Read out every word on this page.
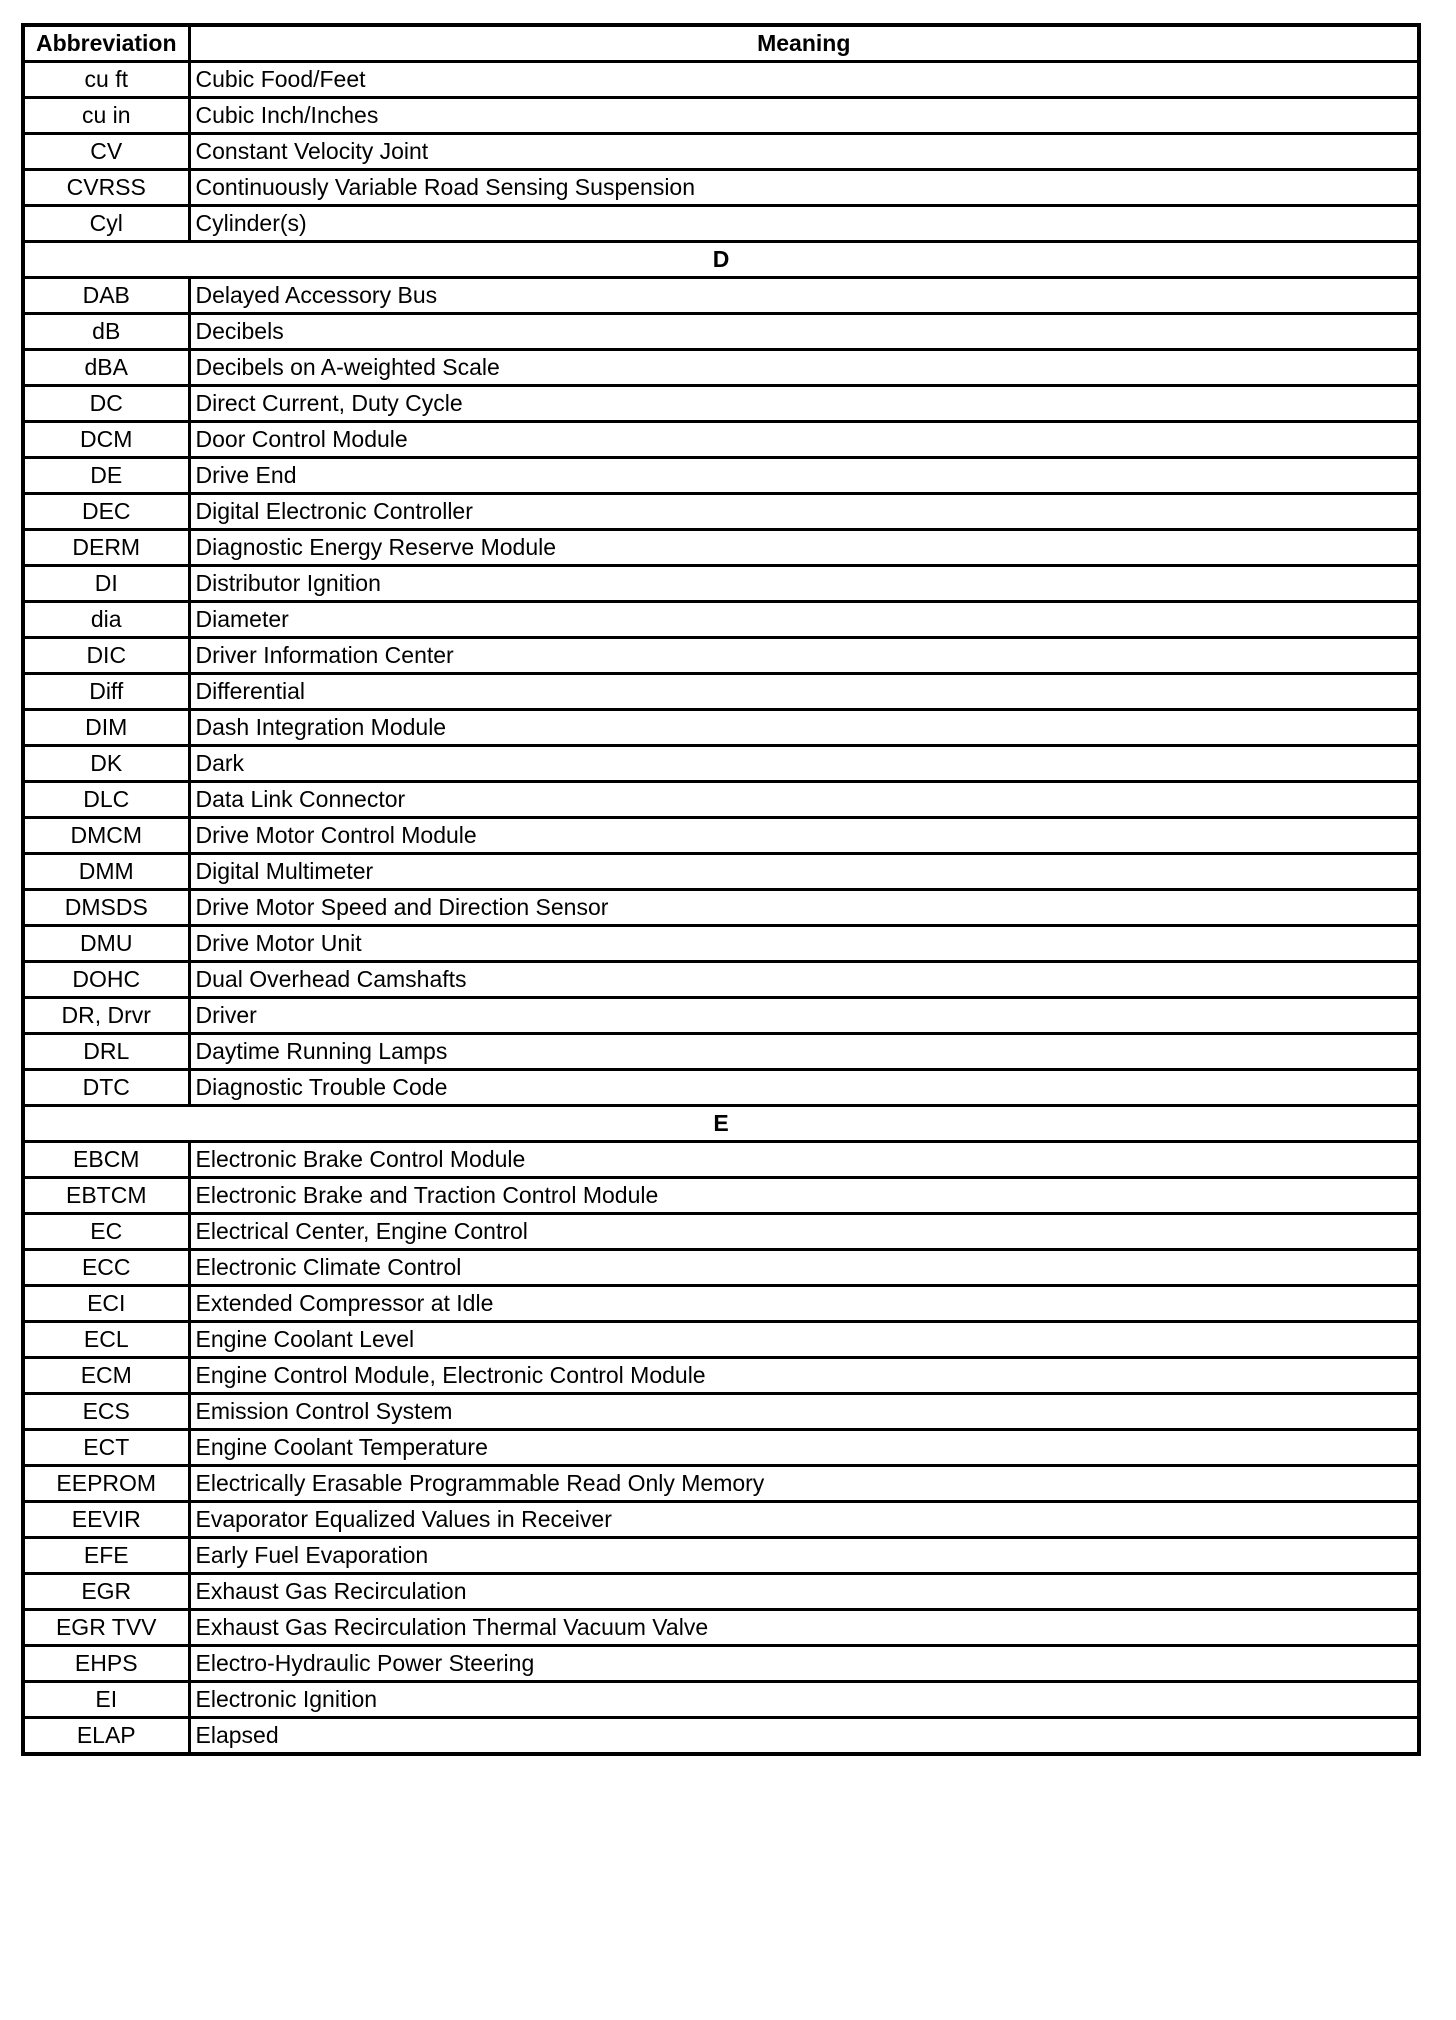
Abbreviation	Meaning
cu ft	Cubic Food/Feet
cu in	Cubic Inch/Inches
CV	Constant Velocity Joint
CVRSS	Continuously Variable Road Sensing Suspension
Cyl	Cylinder(s)
D	
DAB	Delayed Accessory Bus
dB	Decibels
dBA	Decibels on A-weighted Scale
DC	Direct Current, Duty Cycle
DCM	Door Control Module
DE	Drive End
DEC	Digital Electronic Controller
DERM	Diagnostic Energy Reserve Module
DI	Distributor Ignition
dia	Diameter
DIC	Driver Information Center
Diff	Differential
DIM	Dash Integration Module
DK	Dark
DLC	Data Link Connector
DMCM	Drive Motor Control Module
DMM	Digital Multimeter
DMSDS	Drive Motor Speed and Direction Sensor
DMU	Drive Motor Unit
DOHC	Dual Overhead Camshafts
DR, Drvr	Driver
DRL	Daytime Running Lamps
DTC	Diagnostic Trouble Code
E	
EBCM	Electronic Brake Control Module
EBTCM	Electronic Brake and Traction Control Module
EC	Electrical Center, Engine Control
ECC	Electronic Climate Control
ECI	Extended Compressor at Idle
ECL	Engine Coolant Level
ECM	Engine Control Module, Electronic Control Module
ECS	Emission Control System
ECT	Engine Coolant Temperature
EEPROM	Electrically Erasable Programmable Read Only Memory
EEVIR	Evaporator Equalized Values in Receiver
EFE	Early Fuel Evaporation
EGR	Exhaust Gas Recirculation
EGR TVV	Exhaust Gas Recirculation Thermal Vacuum Valve
EHPS	Electro-Hydraulic Power Steering
EI	Electronic Ignition
ELAP	Elapsed
